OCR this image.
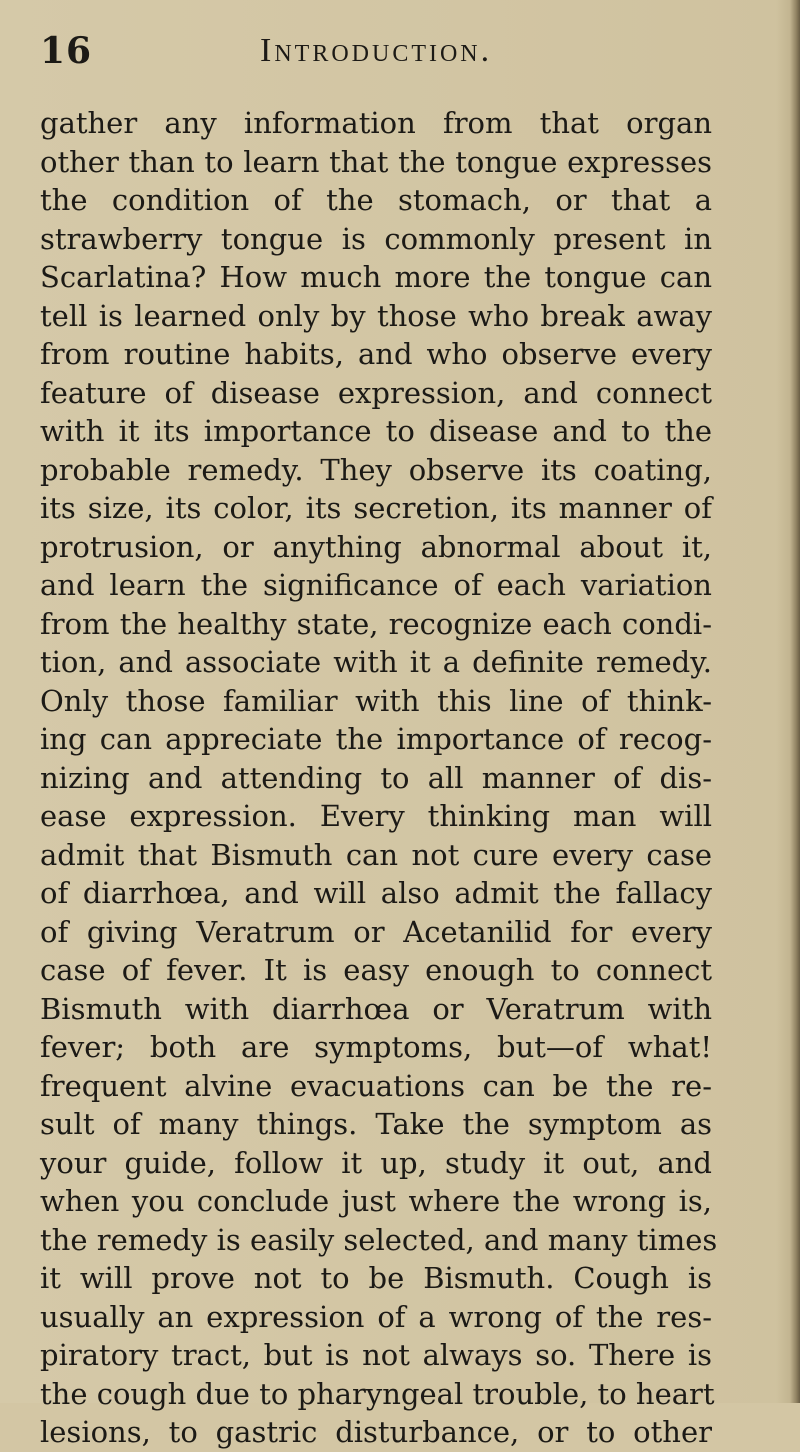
16	Introduction.
gather any information from that organ
other than to learn that the tongue expresses
the condition of the stomach, or that a
strawberry tongue is commonly present in
Scarlatina? How much more the tongue can
tell is learned only by those who break away
from routine habits, and who observe every
feature of disease expression, and connect
with it its importance to disease and to the
probable remedy. They observe its coating,
its size, its color, its secretion, its manner of
protrusion, or anything abnormal about it,
and learn the significance of each variation
from the healthy state, recognize each condi-
tion, and associate with it a definite remedy.
Only those familiar with this line of think-
ing can appreciate the importance of recog-
nizing and attending to all manner of dis-
ease expression. Every thinking man will
admit that Bismuth can not cure every case
of diarrhœa, and will also admit the fallacy
of giving Veratrum or Acetanilid for every
case of fever. It is easy enough to connect
Bismuth with diarrhœa or Veratrum with
fever; both are symptoms, but—of what!
frequent alvine evacuations can be the re-
sult of many things. Take the symptom as
your guide, follow it up, study it out, and
when you conclude just where the wrong is,
the remedy is easily selected, and many times
it will prove not to be Bismuth. Cough is
usually an expression of a wrong of the res-
piratory tract, but is not always so. There is
the cough due to pharyngeal trouble, to heart
lesions, to gastric disturbance, or to other
